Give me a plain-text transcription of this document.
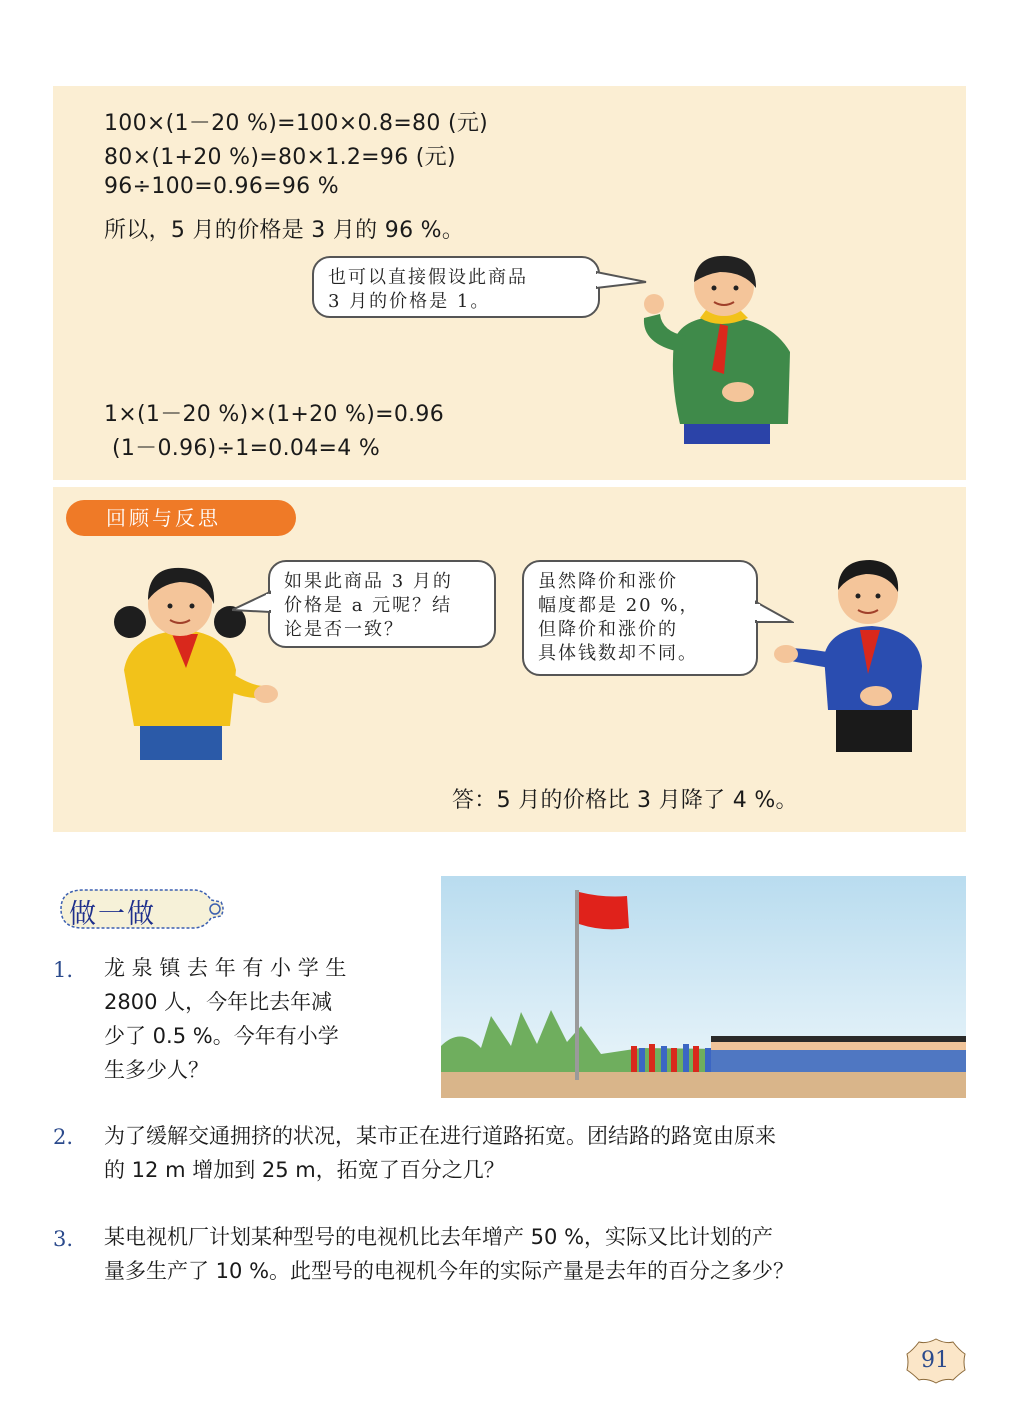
100×(1－20 %)=100×0.8=80 (元)
80×(1+20 %)=80×1.2=96 (元)
96÷100=0.96=96 %
所以，5 月的价格是 3 月的 96 %。
也可以直接假设此商品
3 月的价格是 1。
1×(1－20 %)×(1+20 %)=0.96
(1－0.96)÷1=0.04=4 %
回顾与反思
如果此商品 3 月的
价格是 a 元呢？结
论是否一致？
虽然降价和涨价
幅度都是 20 %，
但降价和涨价的
具体钱数却不同。
答：5 月的价格比 3 月降了 4 %。
做一做
1. 龙 泉 镇 去 年 有 小 学 生
2800 人，今年比去年减
少了 0.5 %。今年有小学
生多少人？
2. 为了缓解交通拥挤的状况，某市正在进行道路拓宽。团结路的路宽由原来
的 12 m 增加到 25 m，拓宽了百分之几？
3. 某电视机厂计划某种型号的电视机比去年增产 50 %，实际又比计划的产
量多生产了 10 %。此型号的电视机今年的实际产量是去年的百分之多少？
91
